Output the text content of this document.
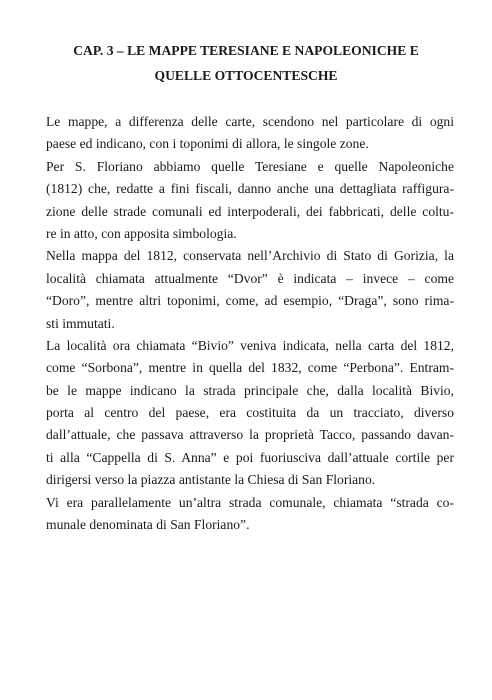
CAP. 3 – LE MAPPE TERESIANE E NAPOLEONICHE E
QUELLE OTTOCENTESCHE
Le mappe, a differenza delle carte, scendono nel particolare di ogni
paese ed indicano, con i toponimi di allora, le singole zone.
Per S. Floriano abbiamo quelle Teresiane e quelle Napoleoniche
(1812) che, redatte a fini fiscali, danno anche una dettagliata raffigura-
zione delle strade comunali ed interpoderali, dei fabbricati, delle coltu-
re in atto, con apposita simbologia.
Nella mappa del 1812, conservata nell’Archivio di Stato di Gorizia, la
località chiamata attualmente “Dvor” è indicata – invece – come
“Doro”, mentre altri toponimi, come, ad esempio, “Draga”, sono rima-
sti immutati.
La località ora chiamata “Bivio” veniva indicata, nella carta del 1812,
come “Sorbona”, mentre in quella del 1832, come “Perbona”. Entram-
be le mappe indicano la strada principale che, dalla località Bivio,
porta al centro del paese, era costituita da un tracciato, diverso
dall’attuale, che passava attraverso la proprietà Tacco, passando davan-
ti alla “Cappella di S. Anna” e poi fuoriusciva dall’attuale cortile per
dirigersi verso la piazza antistante la Chiesa di San Floriano.
Vi era parallelamente un’altra strada comunale, chiamata “strada co-
munale denominata di San Floriano”.
